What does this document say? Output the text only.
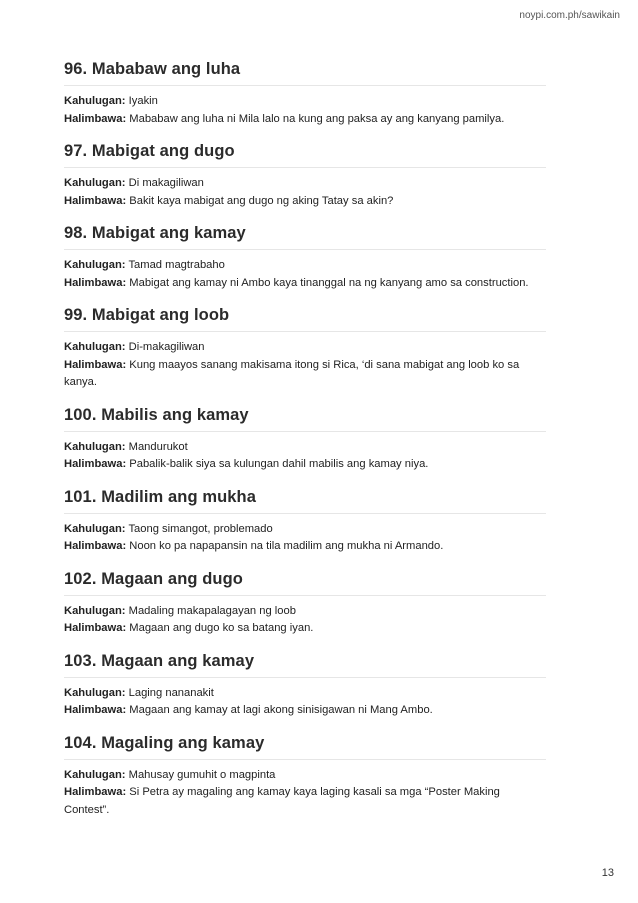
noypi.com.ph/sawikain
96. Mababaw ang luha
Kahulugan: Iyakin
Halimbawa: Mababaw ang luha ni Mila lalo na kung ang paksa ay ang kanyang pamilya.
97. Mabigat ang dugo
Kahulugan: Di makagiliwan
Halimbawa: Bakit kaya mabigat ang dugo ng aking Tatay sa akin?
98. Mabigat ang kamay
Kahulugan: Tamad magtrabaho
Halimbawa: Mabigat ang kamay ni Ambo kaya tinanggal na ng kanyang amo sa construction.
99. Mabigat ang loob
Kahulugan: Di-makagiliwan
Halimbawa: Kung maayos sanang makisama itong si Rica, ‘di sana mabigat ang loob ko sa kanya.
100. Mabilis ang kamay
Kahulugan: Mandurukot
Halimbawa: Pabalik-balik siya sa kulungan dahil mabilis ang kamay niya.
101. Madilim ang mukha
Kahulugan: Taong simangot, problemado
Halimbawa: Noon ko pa napapansin na tila madilim ang mukha ni Armando.
102. Magaan ang dugo
Kahulugan: Madaling makapalagayan ng loob
Halimbawa: Magaan ang dugo ko sa batang iyan.
103. Magaan ang kamay
Kahulugan: Laging nananakit
Halimbawa: Magaan ang kamay at lagi akong sinisigawan ni Mang Ambo.
104. Magaling ang kamay
Kahulugan: Mahusay gumuhit o magpinta
Halimbawa: Si Petra ay magaling ang kamay kaya laging kasali sa mga “Poster Making Contest”.
13
